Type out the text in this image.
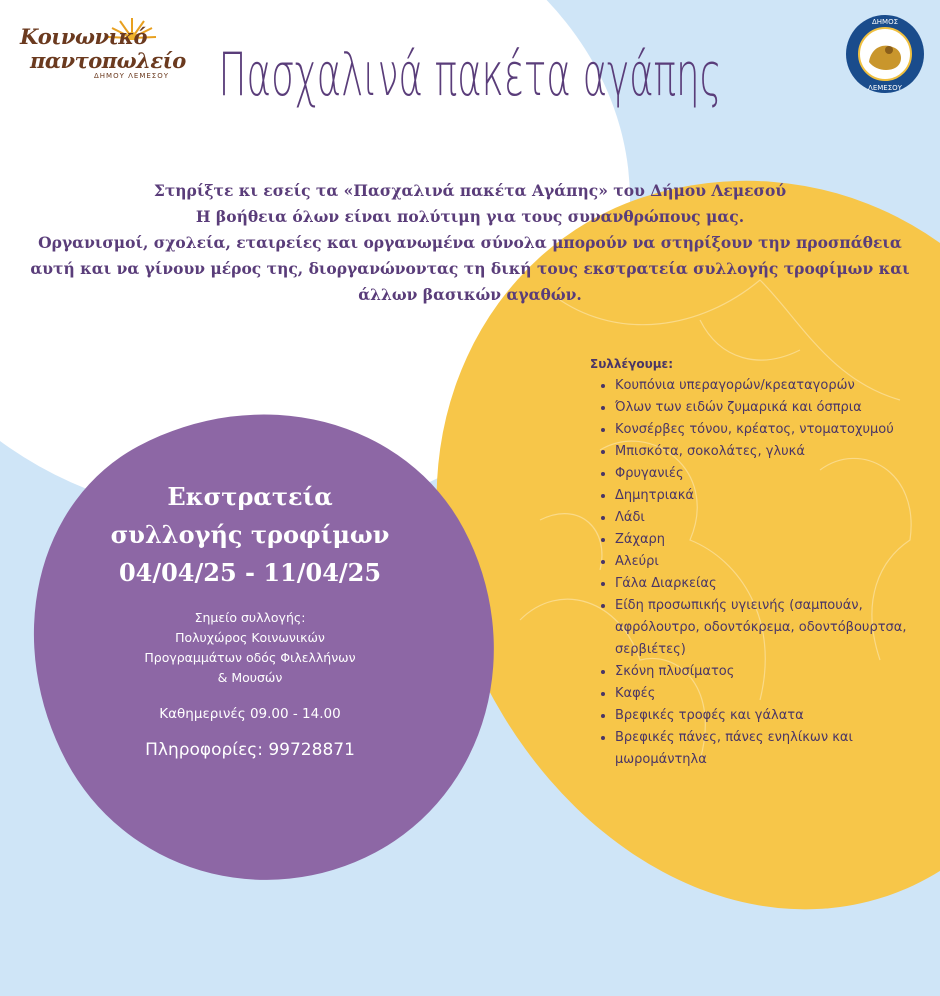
Κοινωνικό
παντοπωλείο
ΔΗΜΟΥ ΛΕΜΕΣΟΥ
ΔΗΜΟΣ
ΛΕΜΕΣΟΥ
Πασχαλινά πακέτα αγάπης

Στηρίξτε κι εσείς τα «Πασχαλινά πακέτα Αγάπης» του Δήμου Λεμεσού

Η βοήθεια όλων είναι πολύτιμη για τους συνανθρώπους μας.

Οργανισμοί, σχολεία, εταιρείες και οργανωμένα σύνολα μπορούν να στηρίξουν την προσπάθεια αυτή και να γίνουν μέρος της, διοργανώνοντας τη δική τους εκστρατεία συλλογής τροφίμων και άλλων βασικών αγαθών.

Εκστρατεία
συλλογής τροφίμων
04/04/25 - 11/04/25
Σημείο συλλογής:
Πολυχώρος Κοινωνικών
Προγραμμάτων οδός Φιλελλήνων
& Μουσών
Καθημερινές 09.00 - 14.00
Πληροφορίες: 99728871
Συλλέγουμε:
• Κουπόνια υπεραγορών/κρεαταγορών
• Όλων των ειδών ζυμαρικά και όσπρια
• Κονσέρβες τόνου, κρέατος, ντοματοχυμού
• Μπισκότα, σοκολάτες, γλυκά
• Φρυγανιές
• Δημητριακά
• Λάδι
• Ζάχαρη
• Αλεύρι
• Γάλα Διαρκείας
• Είδη προσωπικής υγιεινής (σαμπουάν, αφρόλουτρο, οδοντόκρεμα, οδοντόβουρτσα, σερβιέτες)
• Σκόνη πλυσίματος
• Καφές
• Βρεφικές τροφές και γάλατα
• Βρεφικές πάνες, πάνες ενηλίκων και μωρομάντηλα
